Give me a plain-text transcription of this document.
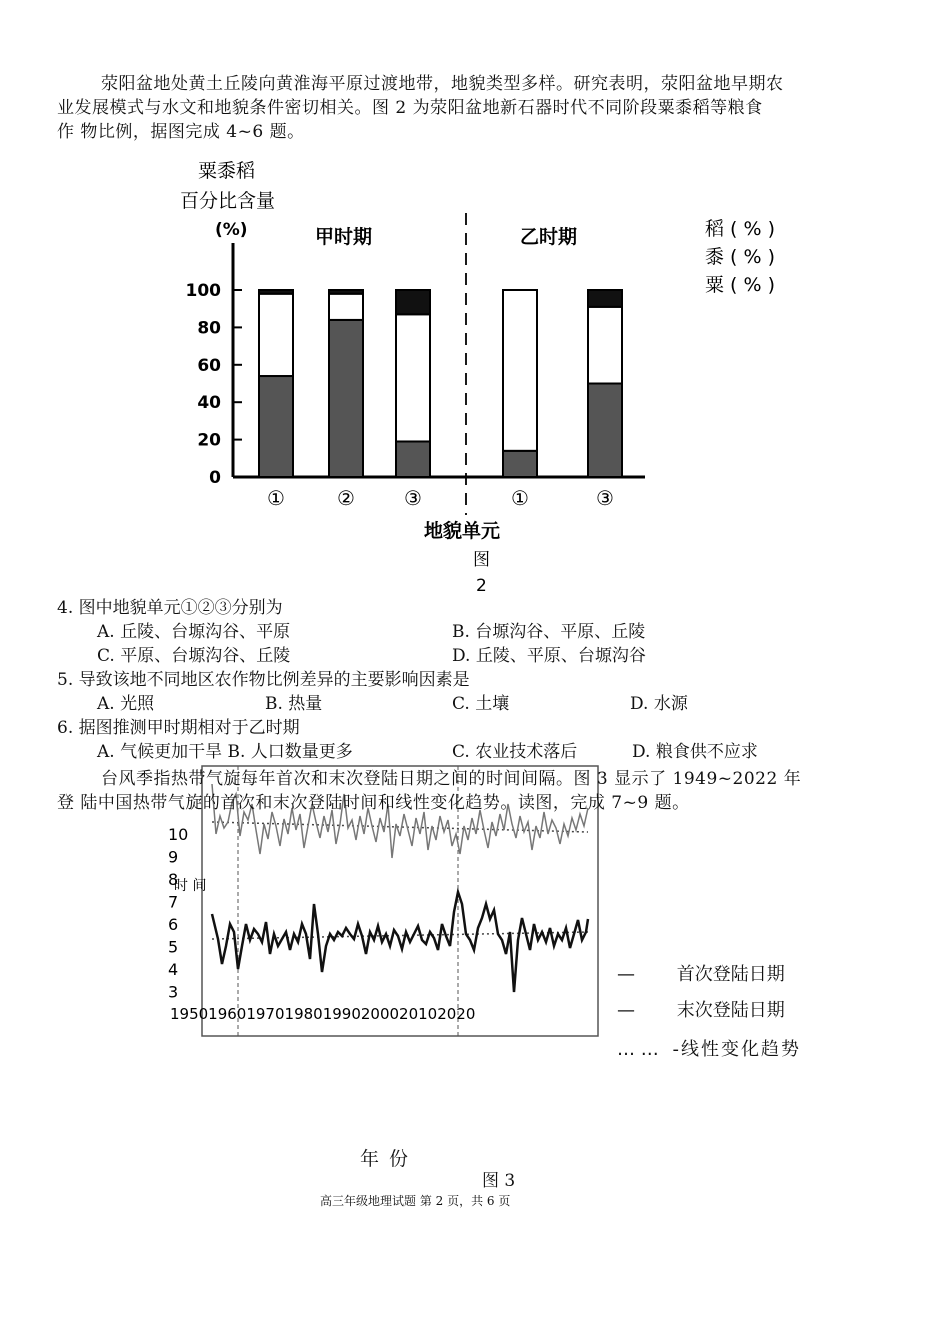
荥阳盆地处黄土丘陵向黄淮海平原过渡地带，地貌类型多样。研究表明，荥阳盆地早期农
业发展模式与水文和地貌条件密切相关。图 2 为荥阳盆地新石器时代不同阶段粟黍稻等粮食
作 物比例，据图完成 4~6 题。
粟黍稻
百分比含量
(%)	甲时期	乙时期
0
20
40
60
80
100
①	② ③	①	③
地貌单元
图
2
稻 ( % )
黍 ( % )
粟 ( % )
4. 图中地貌单元①②③分别为
A. 丘陵、台塬沟谷、平原	B. 台塬沟谷、平原、丘陵
C. 平原、台塬沟谷、丘陵	D. 丘陵、平原、台塬沟谷
5. 导致该地不同地区农作物比例差异的主要影响因素是
A. 光照	B. 热量	C. 土壤	D. 水源
6. 据图推测甲时期相对于乙时期
A. 气候更加干旱 B. 人口数量更多	C. 农业技术落后	D. 粮食供不应求
时 间
10
9
8
7
6
5
4
3
19501960197019801990200020102020
台风季指热带气旋每年首次和末次登陆日期之间的时间间隔。图 3 显示了 1949~2022 年
登 陆中国热带气旋的首次和末次登陆时间和线性变化趋势。读图，完成 7~9 题。
— 首次登陆日期
— 末次登陆日期
… … -线性变化趋势
年 份
图 3
高三年级地理试题 第 2 页，共 6 页
